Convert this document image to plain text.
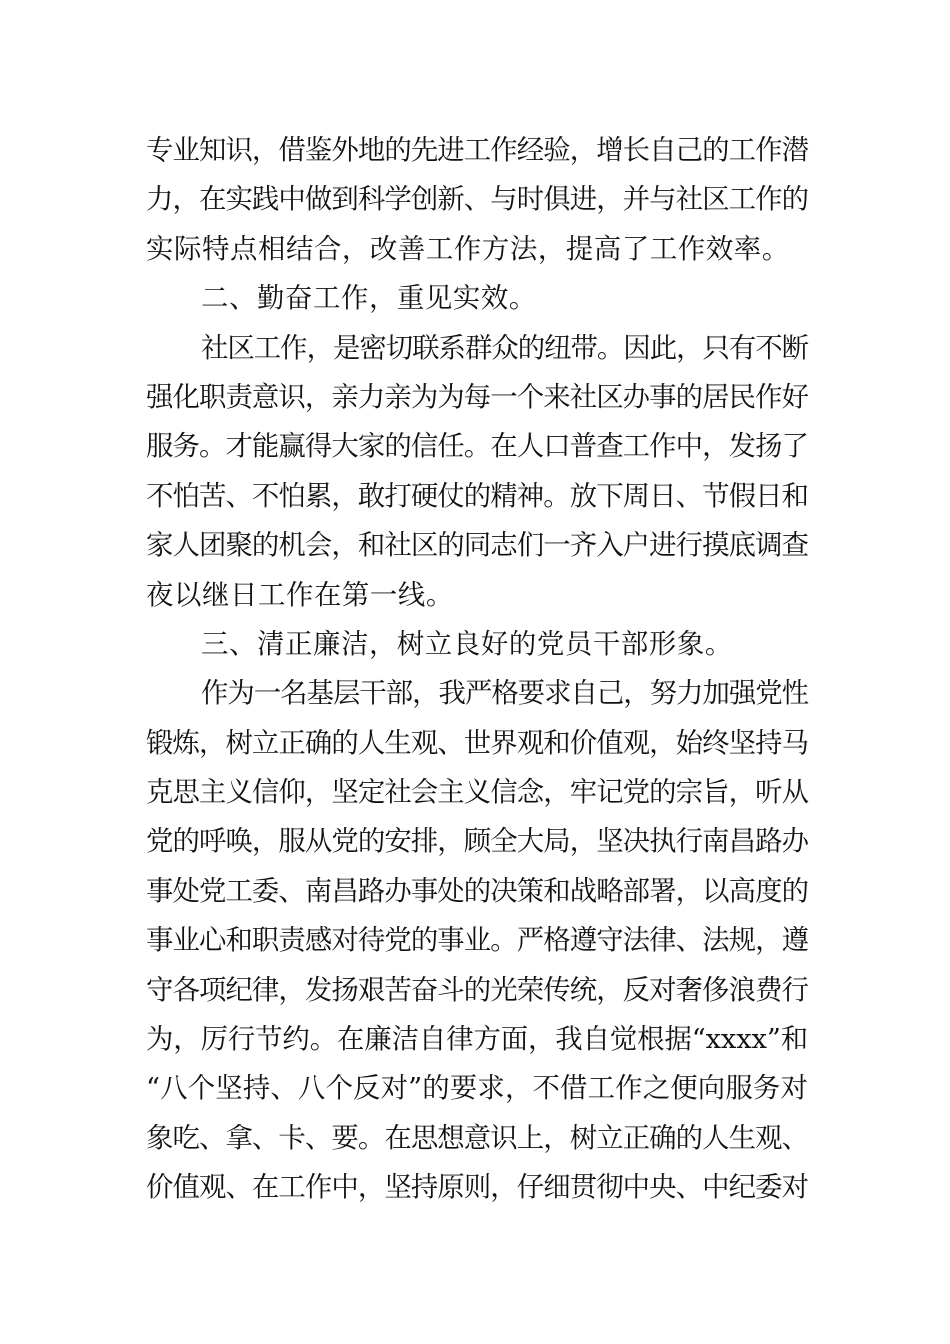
专业知识，借鉴外地的先进工作经验，增长自己的工作潜
力，在实践中做到科学创新、与时俱进，并与社区工作的
实际特点相结合，改善工作方法，提高了工作效率。
二、勤奋工作，重见实效。
社区工作，是密切联系群众的纽带。因此，只有不断
强化职责意识，亲力亲为为每一个来社区办事的居民作好
服务。才能赢得大家的信任。在人口普查工作中，发扬了
不怕苦、不怕累，敢打硬仗的精神。放下周日、节假日和
家人团聚的机会，和社区的同志们一齐入户进行摸底调查
夜以继日工作在第一线。
三、清正廉洁，树立良好的党员干部形象。
作为一名基层干部，我严格要求自己，努力加强党性
锻炼，树立正确的人生观、世界观和价值观，始终坚持马
克思主义信仰，坚定社会主义信念，牢记党的宗旨，听从
党的呼唤，服从党的安排，顾全大局，坚决执行南昌路办
事处党工委、南昌路办事处的决策和战略部署，以高度的
事业心和职责感对待党的事业。严格遵守法律、法规，遵
守各项纪律，发扬艰苦奋斗的光荣传统，反对奢侈浪费行
为，厉行节约。在廉洁自律方面，我自觉根据“xxxx”和
“八个坚持、八个反对”的要求，不借工作之便向服务对
象吃、拿、卡、要。在思想意识上，树立正确的人生观、
价值观、在工作中，坚持原则，仔细贯彻中央、中纪委对
